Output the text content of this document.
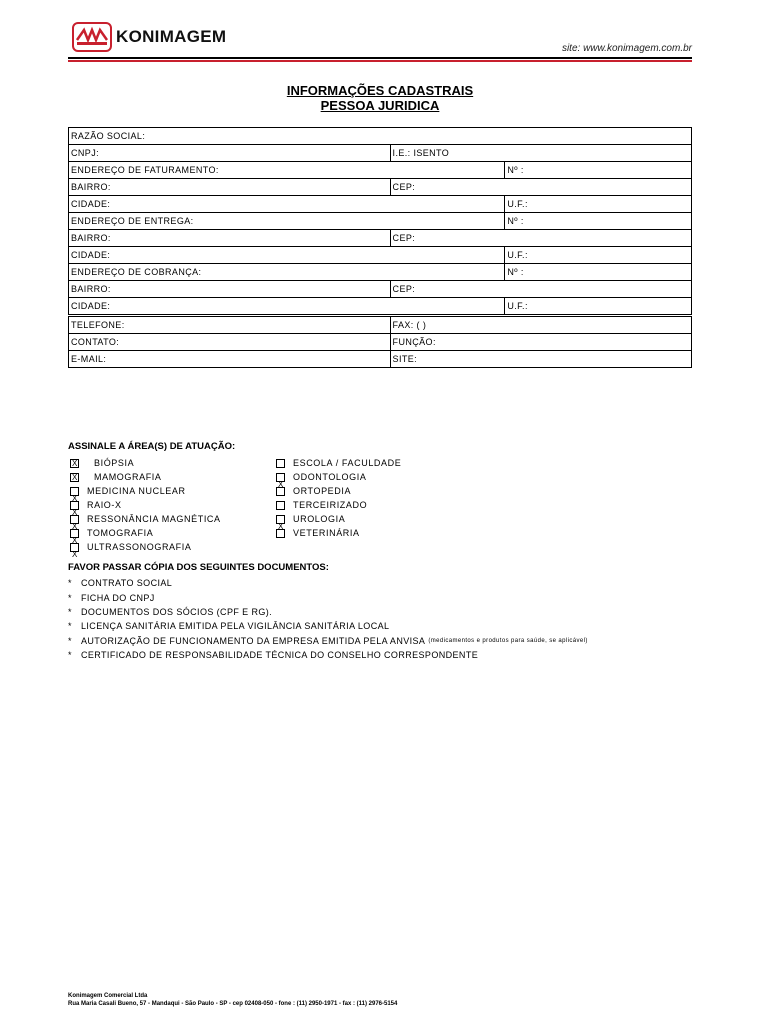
KONIMAGEM
site: www.konimagem.com.br
INFORMAÇÕES CADASTRAIS
PESSOA JURIDICA
RAZÃO SOCIAL:		
CNPJ:	I.E.: ISENTO	
ENDEREÇO DE FATURAMENTO:		Nº :
BAIRRO:	CEP:	
CIDADE:		U.F.:
ENDEREÇO DE ENTREGA:		Nº :
BAIRRO:	CEP:	
CIDADE:		U.F.:
ENDEREÇO DE COBRANÇA:		Nº :
BAIRRO:	CEP:	
CIDADE:		U.F.:

TELEFONE:	FAX: ( )	
CONTATO:	FUNÇÃO:	
E-MAIL:	SITE:	
ASSINALE A ÁREA(S) DE ATUAÇÃO:
X BIÓPSIA
X MAMOGRAFIA
X
MEDICINA NUCLEAR
X
RAIO-X
X
RESSONÂNCIA MAGNÉTICA
X
TOMOGRAFIA
X
ULTRASSONOGRAFIA
ESCOLA / FACULDADE
X
ODONTOLOGIA
ORTOPEDIA
TERCEIRIZADO
X
UROLOGIA
VETERINÁRIA
FAVOR PASSAR CÓPIA DOS SEGUINTES DOCUMENTOS:
*	CONTRATO SOCIAL
*	FICHA DO CNPJ
*	DOCUMENTOS DOS SÓCIOS (CPF E RG).
*	LICENÇA SANITÁRIA EMITIDA PELA VIGILÂNCIA SANITÁRIA LOCAL
*	AUTORIZAÇÃO DE FUNCIONAMENTO DA EMPRESA EMITIDA PELA ANVISA (medicamentos e produtos para saúde, se aplicável)
*	CERTIFICADO DE RESPONSABILIDADE TÉCNICA DO CONSELHO CORRESPONDENTE
Konimagem Comercial Ltda
Rua Maria Casali Bueno, 57 - Mandaqui - São Paulo - SP - cep 02408-050 - fone : (11) 2950-1971 - fax : (11) 2976-5154
